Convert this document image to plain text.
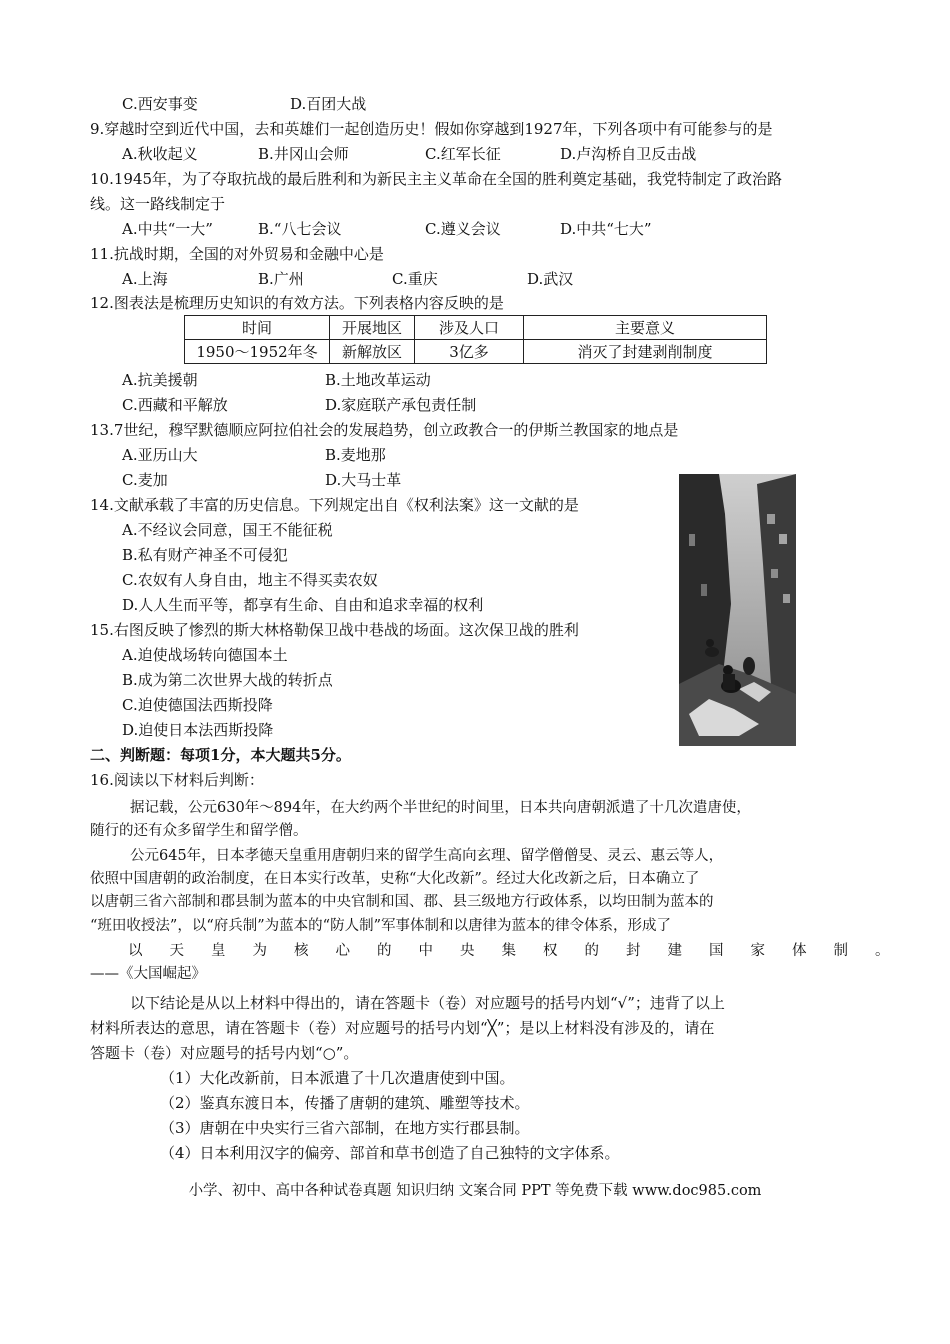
C.西安事变	D.百团大战
9.穿越时空到近代中国，去和英雄们一起创造历史！假如你穿越到1927年，下列各项中有可能参与的是
A.秋收起义	B.井冈山会师	C.红军长征	D.卢沟桥自卫反击战
10.1945年，为了夺取抗战的最后胜利和为新民主主义革命在全国的胜利奠定基础，我党特制定了政治路
线。这一路线制定于
A.中共“一大”	B.“八七会议	C.遵义会议	D.中共“七大”
11.抗战时期，全国的对外贸易和金融中心是
A.上海	B.广州	C.重庆	D.武汉
12.图表法是梳理历史知识的有效方法。下列表格内容反映的是
时间	开展地区	涉及人口	主要意义
1950～1952年冬	新解放区	3亿多	消灭了封建剥削制度
A.抗美援朝	B.土地改革运动
C.西藏和平解放	D.家庭联产承包责任制
13.7世纪，穆罕默德顺应阿拉伯社会的发展趋势，创立政教合一的伊斯兰教国家的地点是
A.亚历山大	B.麦地那
C.麦加	D.大马士革
14.文献承载了丰富的历史信息。下列规定出自《权利法案》这一文献的是
A.不经议会同意，国王不能征税
B.私有财产神圣不可侵犯
C.农奴有人身自由，地主不得买卖农奴
D.人人生而平等，都享有生命、自由和追求幸福的权利
15.右图反映了惨烈的斯大林格勒保卫战中巷战的场面。这次保卫战的胜利
A.迫使战场转向德国本土
B.成为第二次世界大战的转折点
C.迫使德国法西斯投降
D.迫使日本法西斯投降
二、判断题：每项1分，本大题共5分。
16.阅读以下材料后判断：
据记载，公元630年～894年，在大约两个半世纪的时间里，日本共向唐朝派遣了十几次遣唐使，
随行的还有众多留学生和留学僧。
公元645年，日本孝德天皇重用唐朝归来的留学生高向玄理、留学僧僧旻、灵云、惠云等人，
依照中国唐朝的政治制度，在日本实行改革，史称“大化改新”。经过大化改新之后，日本确立了
以唐朝三省六部制和郡县制为蓝本的中央官制和国、郡、县三级地方行政体系，以均田制为蓝本的
“班田收授法”，以“府兵制”为蓝本的“防人制”军事体制和以唐律为蓝本的律令体系，形成了
以天皇为核心的中央集权的封建国家体制。
——《大国崛起》
以下结论是从以上材料中得出的，请在答题卡（卷）对应题号的括号内划“√”；违背了以上
材料所表达的意思，请在答题卡（卷）对应题号的括号内划“╳”；是以上材料没有涉及的，请在
答题卡（卷）对应题号的括号内划“○”。
（1）大化改新前，日本派遣了十几次遣唐使到中国。
（2）鉴真东渡日本，传播了唐朝的建筑、雕塑等技术。
（3）唐朝在中央实行三省六部制，在地方实行郡县制。
（4）日本利用汉字的偏旁、部首和草书创造了自己独特的文字体系。
小学、初中、高中各种试卷真题 知识归纳 文案合同 PPT 等免费下载 www.doc985.com
